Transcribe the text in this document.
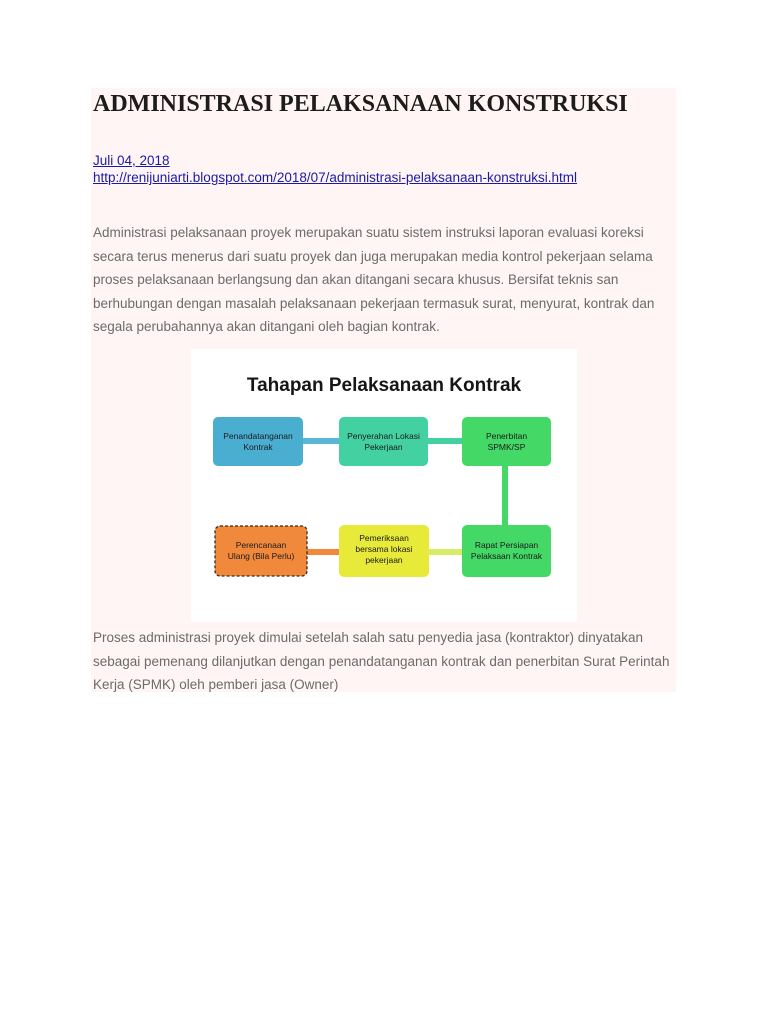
ADMINISTRASI PELAKSANAAN KONSTRUKSI
Juli 04, 2018
http://renijuniarti.blogspot.com/2018/07/administrasi-pelaksanaan-konstruksi.html

Administrasi pelaksanaan proyek merupakan suatu sistem instruksi laporan evaluasi koreksi secara terus menerus dari suatu proyek dan juga merupakan media kontrol pekerjaan selama proses pelaksanaan berlangsung dan akan ditangani secara khusus. Bersifat teknis san berhubungan dengan masalah pelaksanaan pekerjaan termasuk surat, menyurat, kontrak dan segala perubahannya akan ditangani oleh bagian kontrak.

Tahapan Pelaksanaan Kontrak
Penandatanganan
Kontrak
Penyerahan Lokasi
Pekerjaan
Penerbitan
SPMK/SP
Rapat Persiapan
Pelaksaan Kontrak
Pemeriksaan
bersama lokasi
pekerjaan
Perencanaan
Ulang (Bila Perlu)

Proses administrasi proyek dimulai setelah salah satu penyedia jasa (kontraktor) dinyatakan sebagai pemenang dilanjutkan dengan penandatanganan kontrak dan penerbitan Surat Perintah Kerja (SPMK) oleh pemberi jasa (Owner)
